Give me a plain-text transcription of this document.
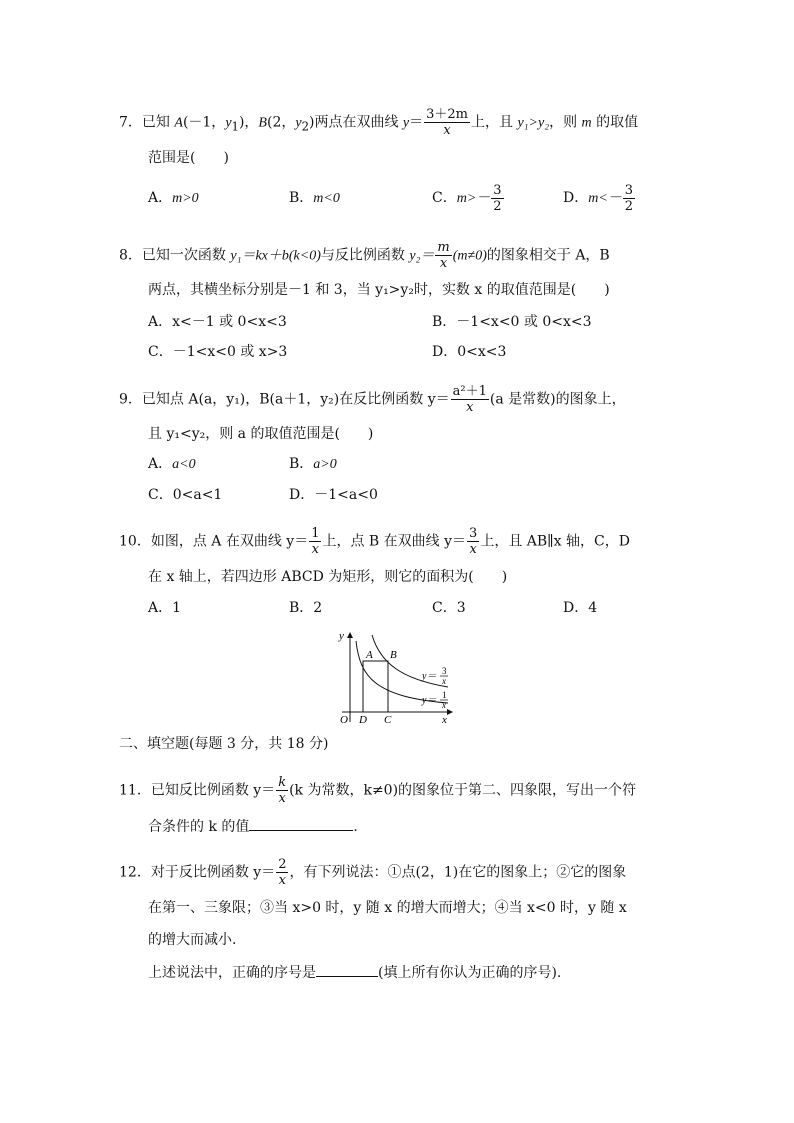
7．已知 A(－1，$y_1$)，B(2，$y_2$)两点在双曲线 $y= \frac{3+2m}{x}$ 上，且 y₁>y₂，则 m 的取值
范围是(　　)
A．m>0	B．m<0	C．$m>- \frac{3}{2}$	D．$m<- \frac{3}{2}$
8．已知一次函数 y₁＝kx＋b(k<0)与反比例函数 $y_2= \frac{m}{x} (m\ne 0)$的图象相交于 A，B
两点，其横坐标分别是－1 和 3，当 y₁>y₂时，实数 x 的取值范围是(　　)
A．x<－1 或 0<x<3	B．－1<x<0 或 0<x<3
C．－1<x<0 或 x>3	D．0<x<3
9．已知点 A(a，y₁)，B(a＋1，y₂)在反比例函数 $y= \frac{\text{a²＋1}}{x} (a$ 是常数)的图象上，
且 y₁<y₂，则 a 的取值范围是(　　)
A．a<0	B．a>0
C．0<a<1	D．－1<a<0
10．如图，点 A 在双曲线 $y= \frac{1}{x}$ 上，点 B 在双曲线 $y= \frac{3}{x}$ 上，且 AB∥x 轴，C，D
在 x 轴上，若四边形 ABCD 为矩形，则它的面积为(　　)
A．1	B．2	C．3	D．4
y
x
O
A B
D C
y＝ 3
x
y＝ 1
x
二、填空题(每题 3 分，共 18 分)
11．已知反比例函数 $y= \frac{k}{x} (k$ 为常数，k≠0)的图象位于第二、四象限，写出一个符
合条件的 k 的值	.
12．对于反比例函数 $y= \frac{2}{x}$ ，有下列说法：①点(2，1)在它的图象上；②它的图象
在第一、三象限；③当 x>0 时，y 随 x 的增大而增大；④当 x<0 时，y 随 x
的增大而减小.
上述说法中，正确的序号是	(填上所有你认为正确的序号).
